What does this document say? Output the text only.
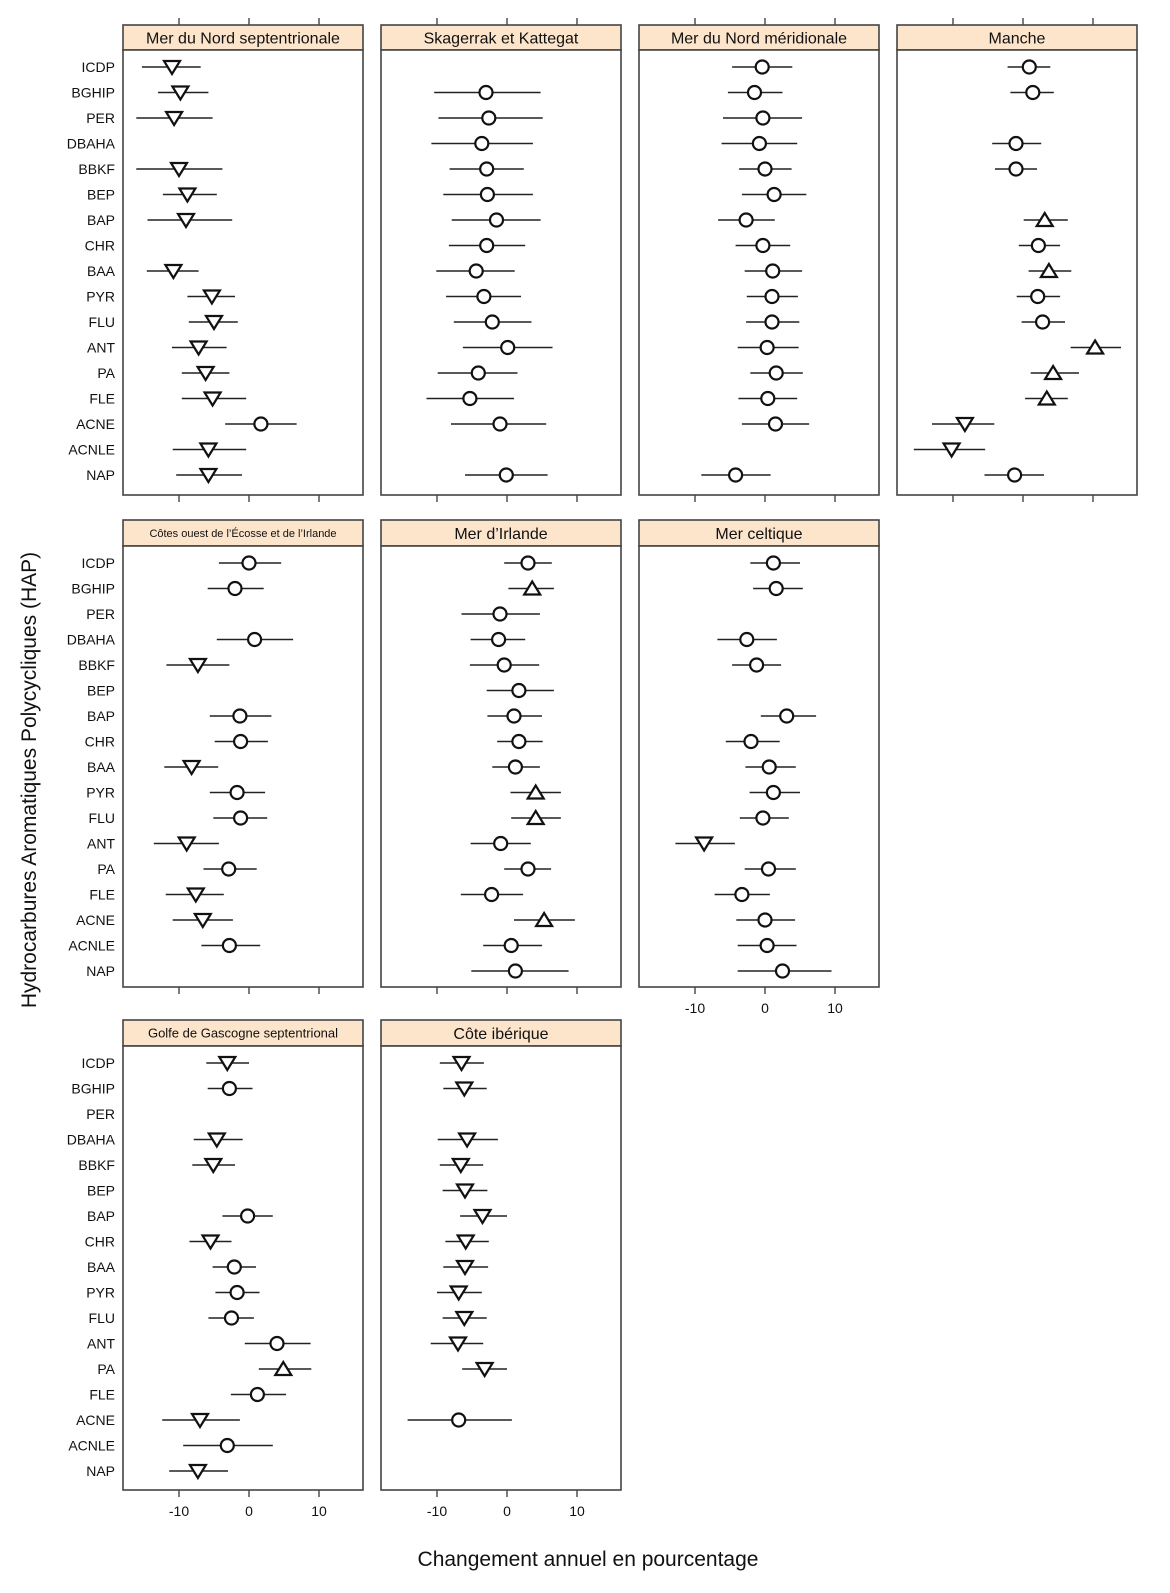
Mer du Nord septentrionale
ICDP
BGHIP
PER
DBAHA
BBKF
BEP
BAP
CHR
BAA
PYR
FLU
ANT
PA
FLE
ACNE
ACNLE
NAP
Skagerrak et Kattegat	Mer du Nord méridionale	Manche
Côtes ouest de l’Écosse et de l’Irlande
ICDP
BGHIP
PER
DBAHA
BBKF
BEP
BAP
CHR
BAA
PYR
FLU
ANT
PA
FLE
ACNE
ACNLE
NAP
Mer d’Irlande	Mer celtique
-10	0	10
Golfe de Gascogne septentrional
-10	0	10
ICDP
BGHIP
PER
DBAHA
BBKF
BEP
BAP
CHR
BAA
PYR
FLU
ANT
PA
FLE
ACNE
ACNLE
NAP
Côte ibérique
-10	0	10
Hydrocarbures Aromatiques Polycycliques (HAP)
Changement annuel en pourcentage
